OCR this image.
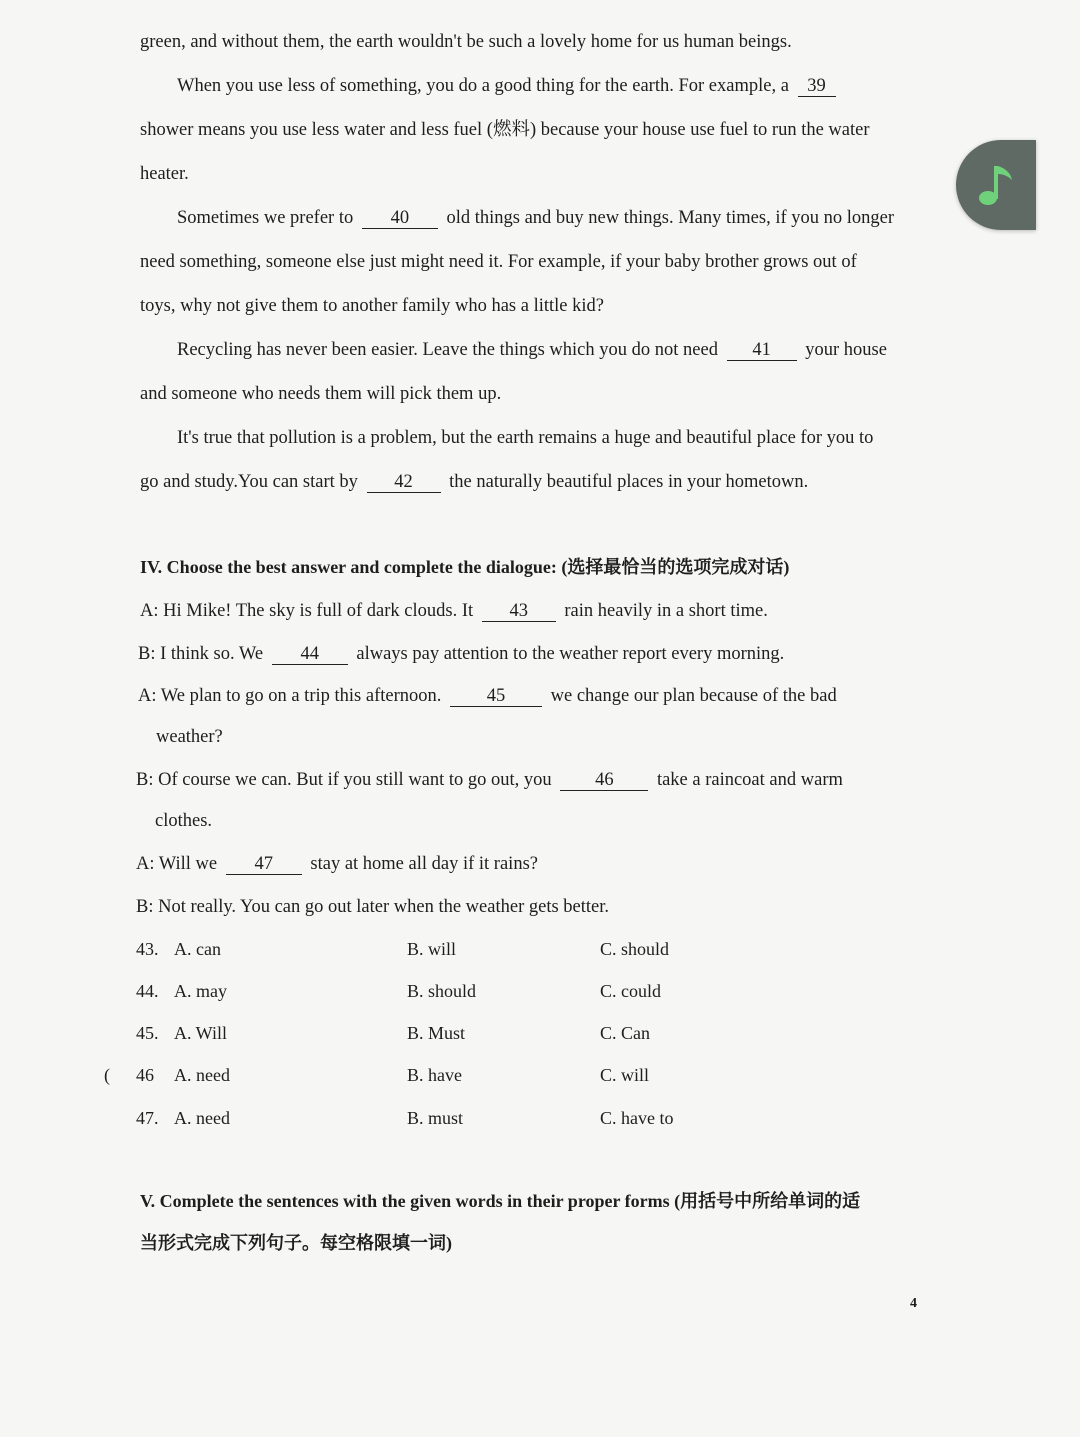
green, and without them, the earth wouldn't be such a lovely home for us human beings.
When you use less of something, you do a good thing for the earth. For example, a 39
shower means you use less water and less fuel (燃料) because your house use fuel to run the water
heater.
Sometimes we prefer to 40 old things and buy new things. Many times, if you no longer
need something, someone else just might need it. For example, if your baby brother grows out of
toys, why not give them to another family who has a little kid?
Recycling has never been easier. Leave the things which you do not need 41 your house
and someone who needs them will pick them up.
It's true that pollution is a problem, but the earth remains a huge and beautiful place for you to
go and study.You can start by 42 the naturally beautiful places in your hometown.
IV. Choose the best answer and complete the dialogue: (选择最恰当的选项完成对话)
A: Hi Mike! The sky is full of dark clouds. It 43 rain heavily in a short time.
B: I think so. We 44 always pay attention to the weather report every morning.
A: We plan to go on a trip this afternoon. 45 we change our plan because of the bad
weather?
B: Of course we can. But if you still want to go out, you 46 take a raincoat and warm
clothes.
A: Will we 47 stay at home all day if it rains?
B: Not really. You can go out later when the weather gets better.
43. A. can	B. will	C. should
44. A. may	B. should	C. could
45. A. Will	B. Must	C. Can
( 46 A. need	B. have	C. will
47. A. need	B. must	C. have to
V. Complete the sentences with the given words in their proper forms (用括号中所给单词的适
当形式完成下列句子。每空格限填一词)
4
